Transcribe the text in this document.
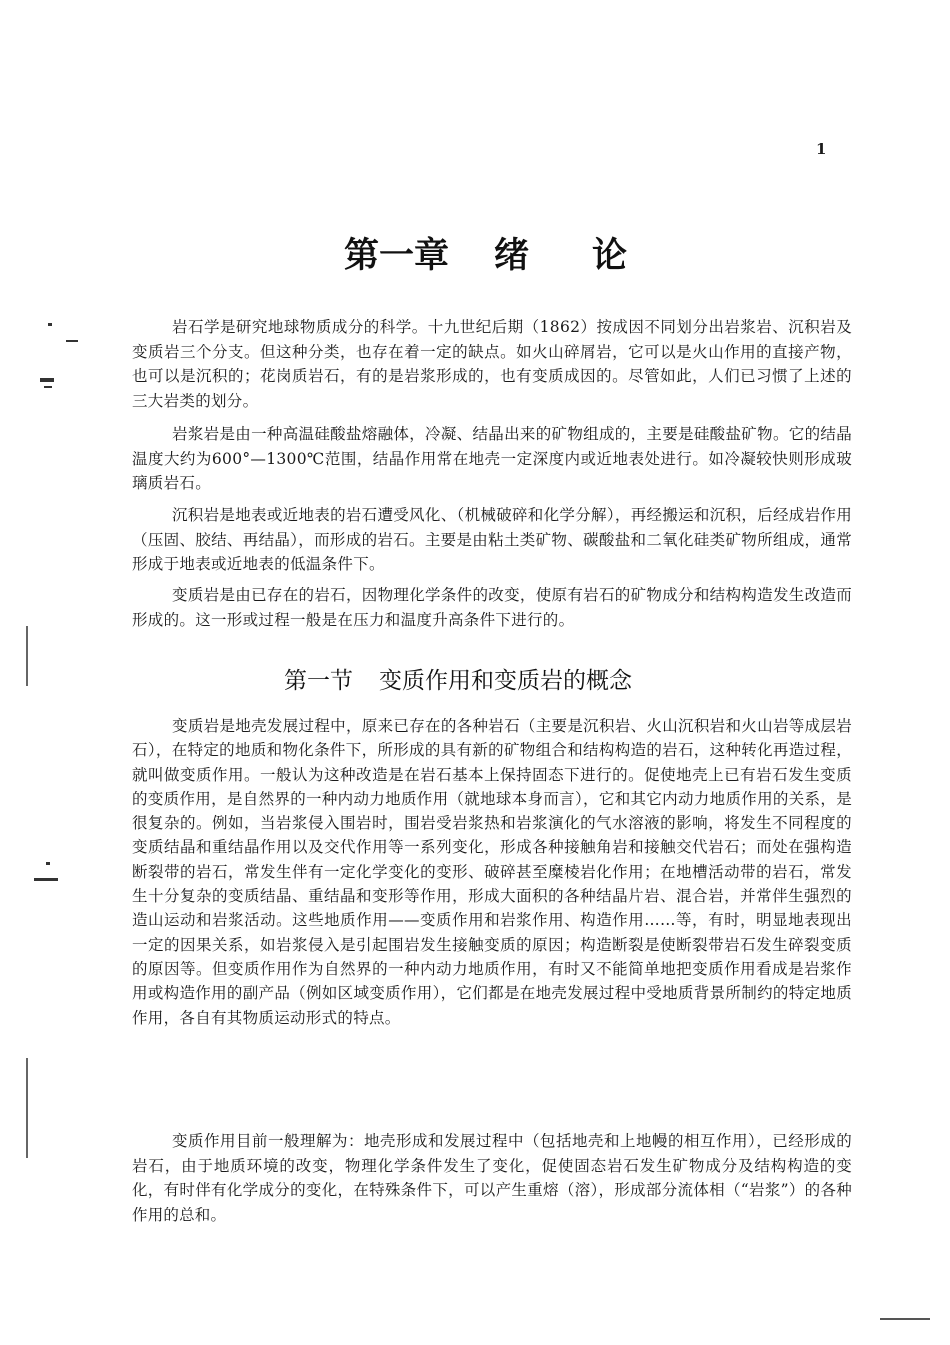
1
第一章 绪 论

岩石学是研究地球物质成分的科学。十九世纪后期（1862）按成因不同划分出岩浆岩、沉积岩及变质岩三个分支。但这种分类，也存在着一定的缺点。如火山碎屑岩，它可以是火山作用的直接产物，也可以是沉积的；花岗质岩石，有的是岩浆形成的，也有变质成因的。尽管如此，人们已习惯了上述的三大岩类的划分。

岩浆岩是由一种高温硅酸盐熔融体，冷凝、结晶出来的矿物组成的，主要是硅酸盐矿物。它的结晶温度大约为600°—1300℃范围，结晶作用常在地壳一定深度内或近地表处进行。如冷凝较快则形成玻璃质岩石。

沉积岩是地表或近地表的岩石遭受风化、（机械破碎和化学分解），再经搬运和沉积，后经成岩作用（压固、胶结、再结晶），而形成的岩石。主要是由粘土类矿物、碳酸盐和二氧化硅类矿物所组成，通常形成于地表或近地表的低温条件下。

变质岩是由已存在的岩石，因物理化学条件的改变，使原有岩石的矿物成分和结构构造发生改造而形成的。这一形或过程一般是在压力和温度升高条件下进行的。

第一节 变质作用和变质岩的概念

变质岩是地壳发展过程中，原来已存在的各种岩石（主要是沉积岩、火山沉积岩和火山岩等成层岩石），在特定的地质和物化条件下，所形成的具有新的矿物组合和结构构造的岩石，这种转化再造过程，就叫做变质作用。一般认为这种改造是在岩石基本上保持固态下进行的。促使地壳上已有岩石发生变质的变质作用，是自然界的一种内动力地质作用（就地球本身而言），它和其它内动力地质作用的关系，是很复杂的。例如，当岩浆侵入围岩时，围岩受岩浆热和岩浆演化的气水溶液的影响，将发生不同程度的变质结晶和重结晶作用以及交代作用等一系列变化，形成各种接触角岩和接触交代岩石；而处在强构造断裂带的岩石，常发生伴有一定化学变化的变形、破碎甚至糜棱岩化作用；在地槽活动带的岩石，常发生十分复杂的变质结晶、重结晶和变形等作用，形成大面积的各种结晶片岩、混合岩，并常伴生强烈的造山运动和岩浆活动。这些地质作用——变质作用和岩浆作用、构造作用……等，有时，明显地表现出一定的因果关系，如岩浆侵入是引起围岩发生接触变质的原因；构造断裂是使断裂带岩石发生碎裂变质的原因等。但变质作用作为自然界的一种内动力地质作用，有时又不能简单地把变质作用看成是岩浆作用或构造作用的副产品（例如区域变质作用），它们都是在地壳发展过程中受地质背景所制约的特定地质作用，各自有其物质运动形式的特点。

变质作用目前一般理解为：地壳形成和发展过程中（包括地壳和上地幔的相互作用），已经形成的岩石，由于地质环境的改变，物理化学条件发生了变化，促使固态岩石发生矿物成分及结构构造的变化，有时伴有化学成分的变化，在特殊条件下，可以产生重熔（溶），形成部分流体相（“岩浆”）的各种作用的总和。
